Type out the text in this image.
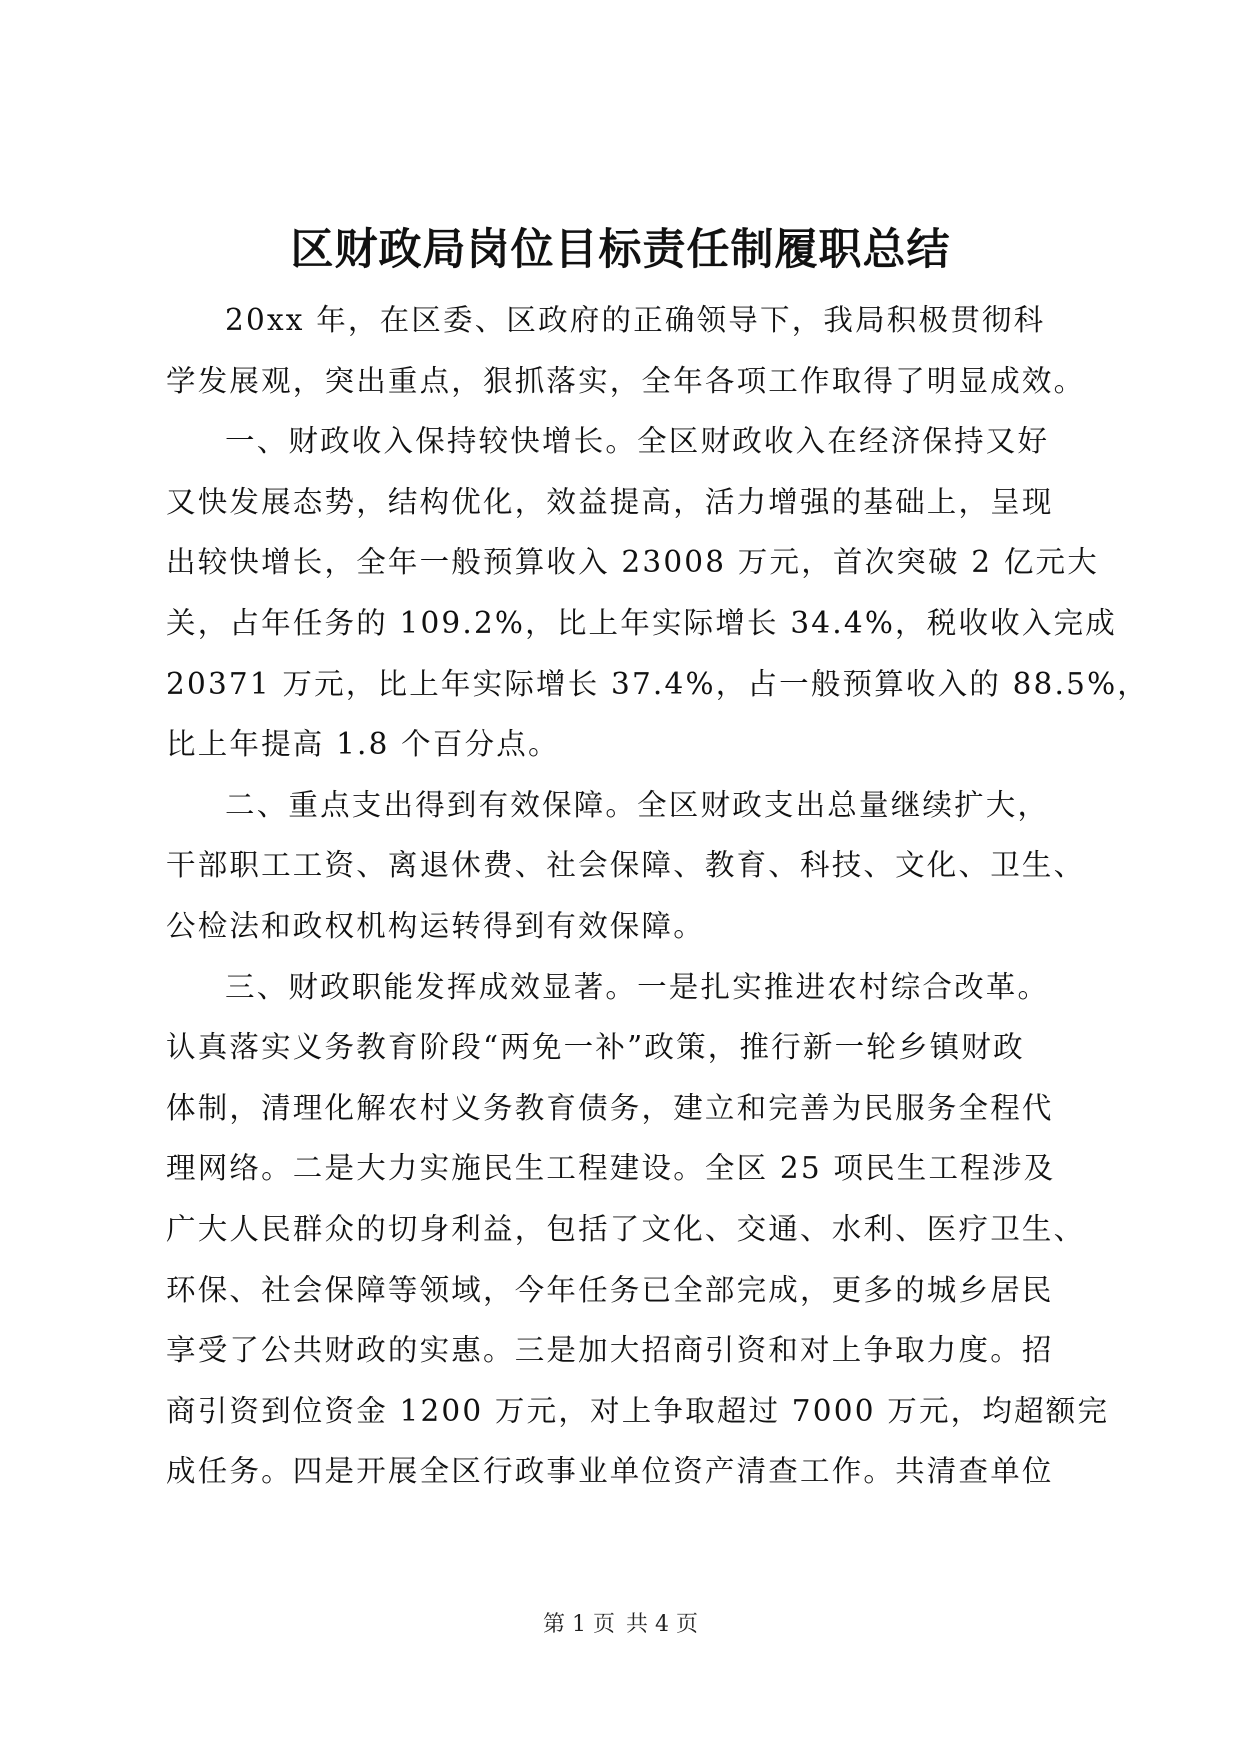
区财政局岗位目标责任制履职总结

20xx 年，在区委、区政府的正确领导下，我局积极贯彻科
学发展观，突出重点，狠抓落实，全年各项工作取得了明显成效。

一、财政收入保持较快增长。全区财政收入在经济保持又好
又快发展态势，结构优化，效益提高，活力增强的基础上，呈现
出较快增长，全年一般预算收入 23008 万元，首次突破 2 亿元大
关，占年任务的 109.2%，比上年实际增长 34.4%，税收收入完成
20371 万元，比上年实际增长 37.4%，占一般预算收入的 88.5%，
比上年提高 1.8 个百分点。

二、重点支出得到有效保障。全区财政支出总量继续扩大，
干部职工工资、离退休费、社会保障、教育、科技、文化、卫生、
公检法和政权机构运转得到有效保障。

三、财政职能发挥成效显著。一是扎实推进农村综合改革。
认真落实义务教育阶段“两免一补”政策，推行新一轮乡镇财政
体制，清理化解农村义务教育债务，建立和完善为民服务全程代
理网络。二是大力实施民生工程建设。全区 25 项民生工程涉及
广大人民群众的切身利益，包括了文化、交通、水利、医疗卫生、
环保、社会保障等领域，今年任务已全部完成，更多的城乡居民
享受了公共财政的实惠。三是加大招商引资和对上争取力度。招
商引资到位资金 1200 万元，对上争取超过 7000 万元，均超额完
成任务。四是开展全区行政事业单位资产清查工作。共清查单位

第 1 页 共 4 页
